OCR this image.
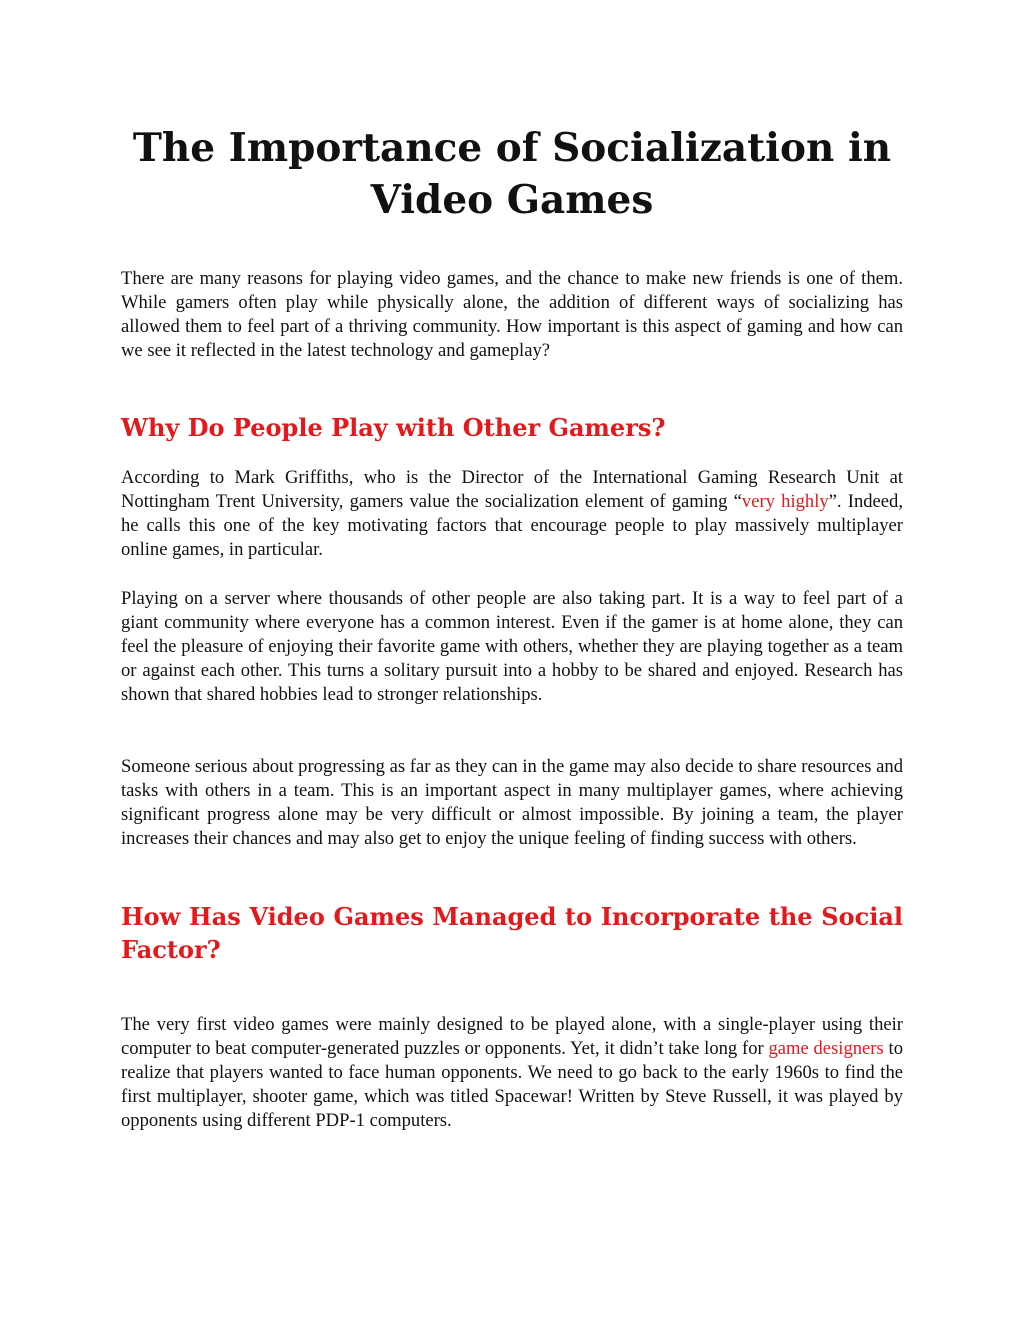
The Importance of Socialization in Video Games

There are many reasons for playing video games, and the chance to make new friends is one of them. While gamers often play while physically alone, the addition of different ways of socializing has allowed them to feel part of a thriving community. How important is this aspect of gaming and how can we see it reflected in the latest technology and gameplay?

Why Do People Play with Other Gamers?

According to Mark Griffiths, who is the Director of the International Gaming Research Unit at Nottingham Trent University, gamers value the socialization element of gaming “very highly”. Indeed, he calls this one of the key motivating factors that encourage people to play massively multiplayer online games, in particular.

Playing on a server where thousands of other people are also taking part. It is a way to feel part of a giant community where everyone has a common interest. Even if the gamer is at home alone, they can feel the pleasure of enjoying their favorite game with others, whether they are playing together as a team or against each other. This turns a solitary pursuit into a hobby to be shared and enjoyed. Research has shown that shared hobbies lead to stronger relationships.

Someone serious about progressing as far as they can in the game may also decide to share resources and tasks with others in a team. This is an important aspect in many multiplayer games, where achieving significant progress alone may be very difficult or almost impossible. By joining a team, the player increases their chances and may also get to enjoy the unique feeling of finding success with others.

How Has Video Games Managed to Incorporate the Social Factor?

The very first video games were mainly designed to be played alone, with a single-player using their computer to beat computer-generated puzzles or opponents. Yet, it didn’t take long for game designers to realize that players wanted to face human opponents. We need to go back to the early 1960s to find the first multiplayer, shooter game, which was titled Spacewar! Written by Steve Russell, it was played by opponents using different PDP-1 computers.
